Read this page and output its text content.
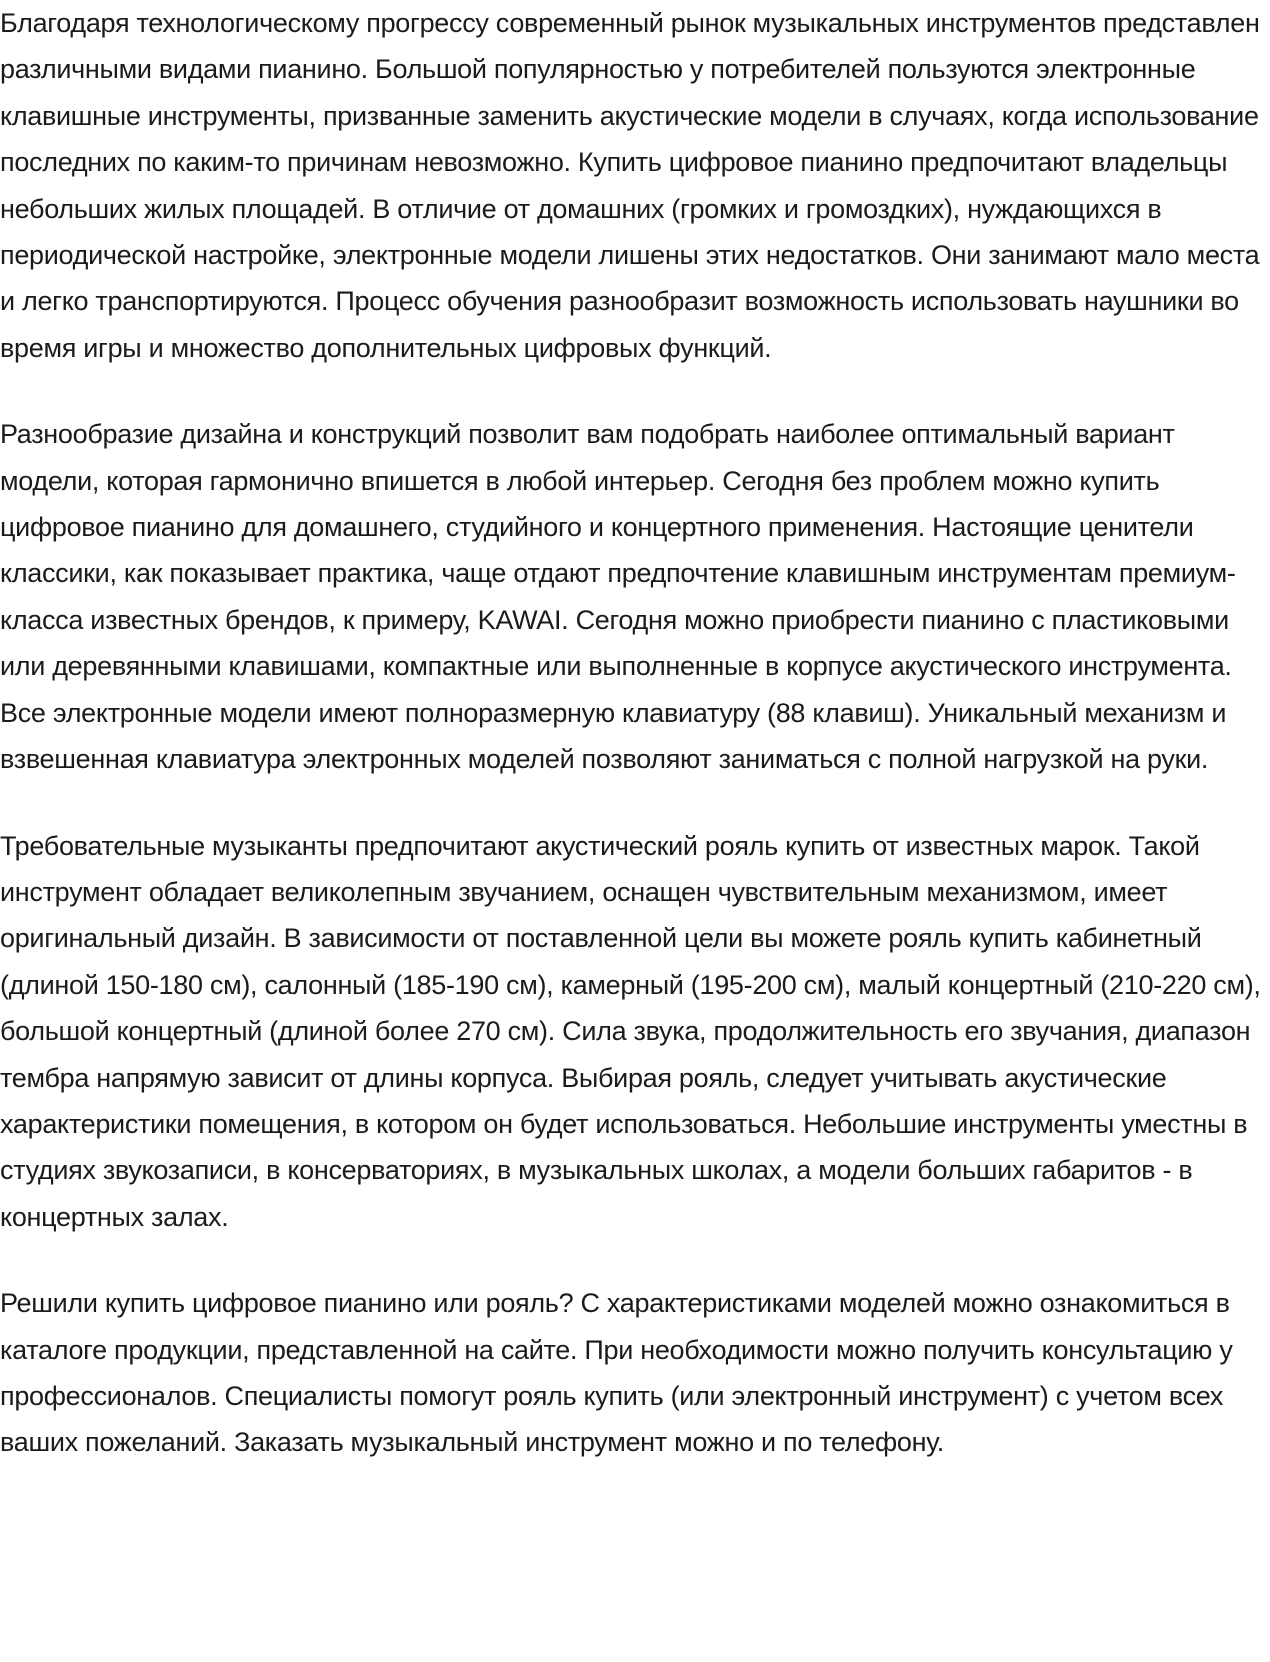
Благодаря технологическому прогрессу современный рынок музыкальных инструментов представлен различными видами пианино. Большой популярностью у потребителей пользуются электронные клавишные инструменты, призванные заменить акустические модели в случаях, когда использование последних по каким-то причинам невозможно. Купить цифровое пианино предпочитают владельцы небольших жилых площадей. В отличие от домашних (громких и громоздких), нуждающихся в периодической настройке, электронные модели лишены этих недостатков. Они занимают мало места и легко транспортируются. Процесс обучения разнообразит возможность использовать наушники во время игры и множество дополнительных цифровых функций.

Разнообразие дизайна и конструкций позволит вам подобрать наиболее оптимальный вариант модели, которая гармонично впишется в любой интерьер. Сегодня без проблем можно купить цифровое пианино для домашнего, студийного и концертного применения. Настоящие ценители классики, как показывает практика, чаще отдают предпочтение клавишным инструментам премиум-класса известных брендов, к примеру, KAWAI. Сегодня можно приобрести пианино с пластиковыми или деревянными клавишами, компактные или выполненные в корпусе акустического инструмента. Все электронные модели имеют полноразмерную клавиатуру (88 клавиш). Уникальный механизм и взвешенная клавиатура электронных моделей позволяют заниматься с полной нагрузкой на руки.

Требовательные музыканты предпочитают акустический рояль купить от известных марок. Такой инструмент обладает великолепным звучанием, оснащен чувствительным механизмом, имеет оригинальный дизайн. В зависимости от поставленной цели вы можете рояль купить кабинетный (длиной 150-180 см), салонный (185-190 см), камерный (195-200 см), малый концертный (210-220 см), большой концертный (длиной более 270 см). Сила звука, продолжительность его звучания, диапазон тембра напрямую зависит от длины корпуса. Выбирая рояль, следует учитывать акустические характеристики помещения, в котором он будет использоваться. Небольшие инструменты уместны в студиях звукозаписи, в консерваториях, в музыкальных школах, а модели больших габаритов - в концертных залах.

Решили купить цифровое пианино или рояль? С характеристиками моделей можно ознакомиться в каталоге продукции, представленной на сайте. При необходимости можно получить консультацию у профессионалов. Специалисты помогут рояль купить (или электронный инструмент) с учетом всех ваших пожеланий. Заказать музыкальный инструмент можно и по телефону.
